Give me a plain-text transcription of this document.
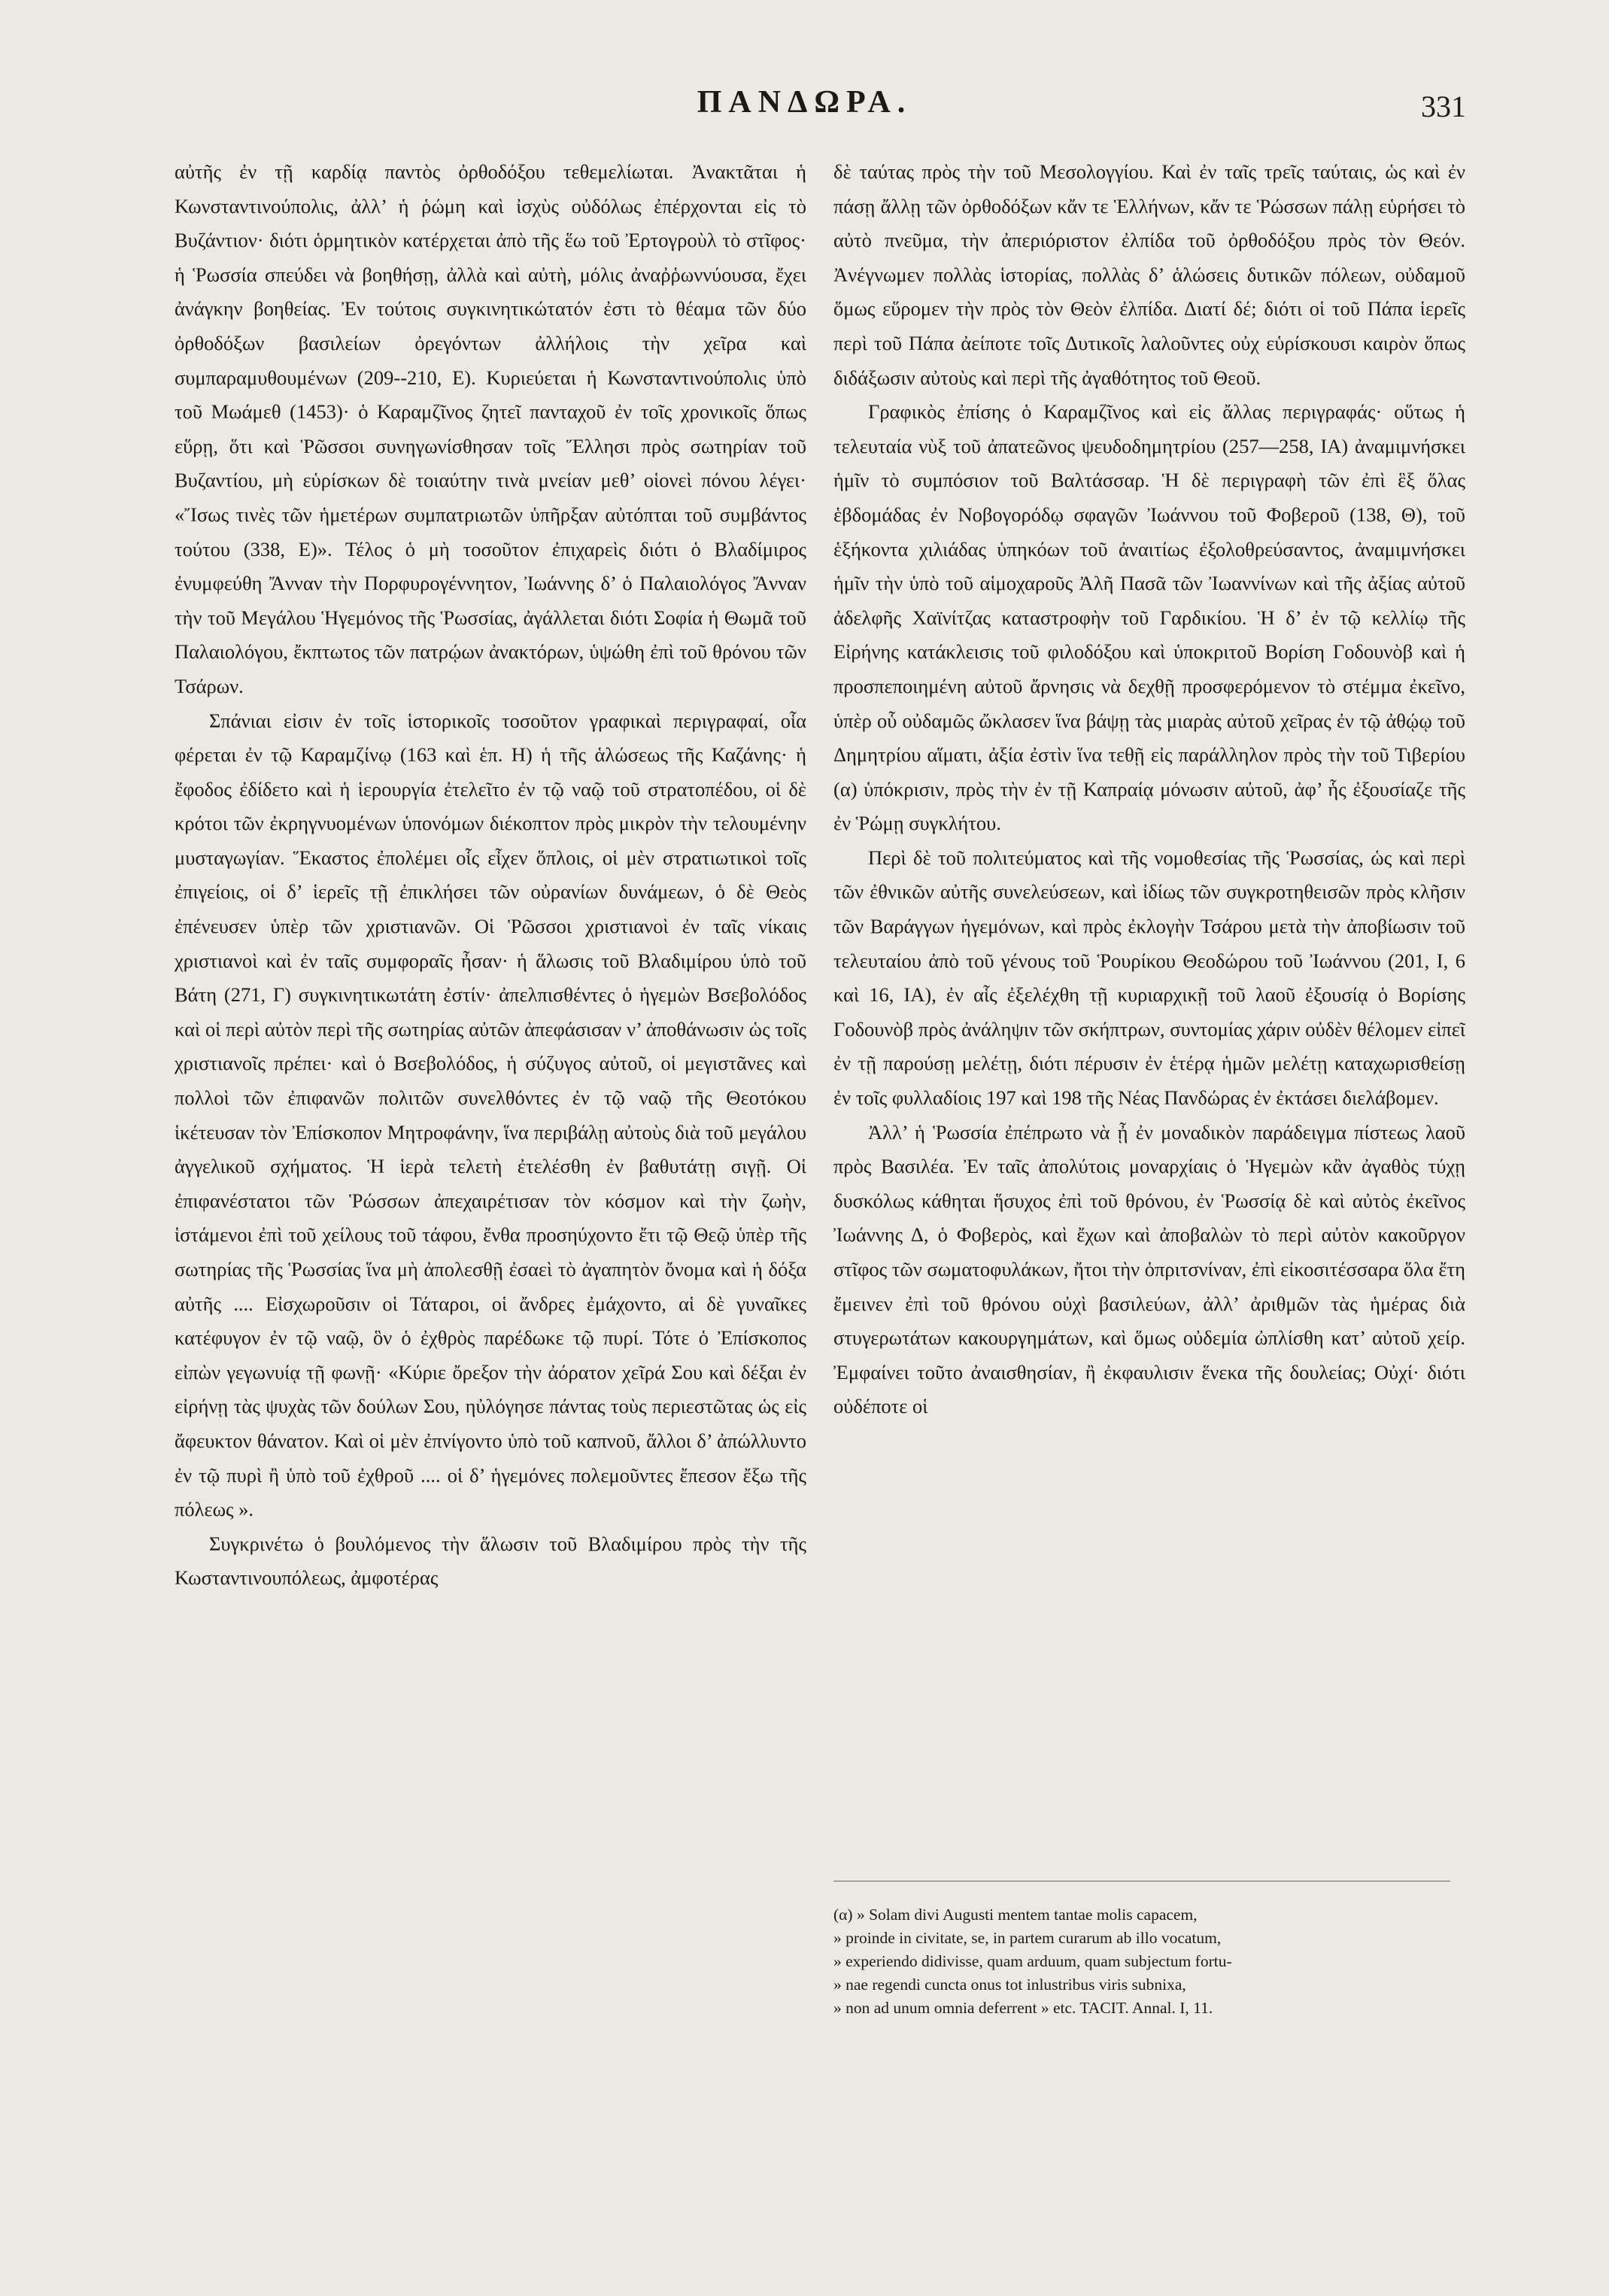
ΠΑΝΔΩΡΑ.	331

αὐτῆς ἐν τῇ καρδίᾳ παντὸς ὀρθοδόξου τεθεμελίωται. Ἀνακτᾶται ἡ Κωνσταντινούπολις, ἀλλ’ ἡ ῥώμη καὶ ἰσχὺς οὐδόλως ἐπέρχονται εἰς τὸ Βυζάντιον· διότι ὁρμητικὸν κατέρχεται ἀπὸ τῆς ἕω τοῦ Ἐρτογροὺλ τὸ στῖφος· ἡ Ῥωσσία σπεύδει νὰ βοηθήσῃ, ἀλλὰ καὶ αὐτὴ, μόλις ἀναῤῥωννύουσα, ἔχει ἀνάγκην βοηθείας. Ἐν τούτοις συγκινητικώτατόν ἐστι τὸ θέαμα τῶν δύο ὀρθοδόξων βασιλείων ὀρεγόντων ἀλλήλοις τὴν χεῖρα καὶ συμπαραμυθουμένων (209--210, Ε). Κυριεύεται ἡ Κωνσταντινούπολις ὑπὸ τοῦ Μωάμεθ (1453)· ὁ Καραμζῖνος ζητεῖ πανταχοῦ ἐν τοῖς χρονικοῖς ὅπως εὕρῃ, ὅτι καὶ Ῥῶσσοι συνηγωνίσθησαν τοῖς Ἕλλησι πρὸς σωτηρίαν τοῦ Βυζαντίου, μὴ εὑρίσκων δὲ τοιαύτην τινὰ μνείαν μεθ’ οἱονεὶ πόνου λέγει· «Ἴσως τινὲς τῶν ἡμετέρων συμπατριωτῶν ὑπῆρξαν αὐτόπται τοῦ συμβάντος τούτου (338, Ε)». Τέλος ὁ μὴ τοσοῦτον ἐπιχαρεὶς διότι ὁ Βλαδίμιρος ἐνυμφεύθη Ἄνναν τὴν Πορφυρογέννητον, Ἰωάννης δ’ ὁ Παλαιολόγος Ἄνναν τὴν τοῦ Μεγάλου Ἡγεμόνος τῆς Ῥωσσίας, ἀγάλλεται διότι Σοφία ἡ Θωμᾶ τοῦ Παλαιολόγου, ἔκπτωτος τῶν πατρῴων ἀνακτόρων, ὑψώθη ἐπὶ τοῦ θρόνου τῶν Τσάρων.

Σπάνιαι εἰσιν ἐν τοῖς ἱστορικοῖς τοσοῦτον γραφικαὶ περιγραφαί, οἷα φέρεται ἐν τῷ Καραμζίνῳ (163 καὶ ἑπ. Η) ἡ τῆς ἁλώσεως τῆς Καζάνης· ἡ ἔφοδος ἐδίδετο καὶ ἡ ἱερουργία ἐτελεῖτο ἐν τῷ ναῷ τοῦ στρατοπέδου, οἱ δὲ κρότοι τῶν ἐκρηγνυομένων ὑπονόμων διέκοπτον πρὸς μικρὸν τὴν τελουμένην μυσταγωγίαν. Ἕκαστος ἐπολέμει οἷς εἶχεν ὅπλοις, οἱ μὲν στρατιωτικοὶ τοῖς ἐπιγείοις, οἱ δ’ ἱερεῖς τῇ ἐπικλήσει τῶν οὐρανίων δυνάμεων, ὁ δὲ Θεὸς ἐπένευσεν ὑπὲρ τῶν χριστιανῶν. Οἱ Ῥῶσσοι χριστιανοὶ ἐν ταῖς νίκαις χριστιανοὶ καὶ ἐν ταῖς συμφοραῖς ἦσαν· ἡ ἅλωσις τοῦ Βλαδιμίρου ὑπὸ τοῦ Βάτη (271, Γ) συγκινητικωτάτη ἐστίν· ἀπελπισθέντες ὁ ἡγεμὼν Βσεβολόδος καὶ οἱ περὶ αὐτὸν περὶ τῆς σωτηρίας αὐτῶν ἀπεφάσισαν ν’ ἀποθάνωσιν ὡς τοῖς χριστιανοῖς πρέπει· καὶ ὁ Βσεβολόδος, ἡ σύζυγος αὐτοῦ, οἱ μεγιστᾶνες καὶ πολλοὶ τῶν ἐπιφανῶν πολιτῶν συνελθόντες ἐν τῷ ναῷ τῆς Θεοτόκου ἱκέτευσαν τὸν Ἐπίσκοπον Μητροφάνην, ἵνα περιβάλῃ αὐτοὺς διὰ τοῦ μεγάλου ἀγγελικοῦ σχήματος. Ἡ ἱερὰ τελετὴ ἐτελέσθη ἐν βαθυτάτῃ σιγῇ. Οἱ ἐπιφανέστατοι τῶν Ῥώσσων ἀπεχαιρέτισαν τὸν κόσμον καὶ τὴν ζωὴν, ἱστάμενοι ἐπὶ τοῦ χείλους τοῦ τάφου, ἔνθα προσηύχοντο ἔτι τῷ Θεῷ ὑπὲρ τῆς σωτηρίας τῆς Ῥωσσίας ἵνα μὴ ἀπολεσθῇ ἐσαεὶ τὸ ἀγαπητὸν ὄνομα καὶ ἡ δόξα αὐτῆς .... Εἰσχωροῦσιν οἱ Τάταροι, οἱ ἄνδρες ἐμάχοντο, αἱ δὲ γυναῖκες κατέφυγον ἐν τῷ ναῷ, ὃν ὁ ἐχθρὸς παρέδωκε τῷ πυρί. Τότε ὁ Ἐπίσκοπος εἰπὼν γεγωνυίᾳ τῇ φωνῇ· «Κύριε ὄρεξον τὴν ἀόρατον χεῖρά Σου καὶ δέξαι ἐν εἰρήνῃ τὰς ψυχὰς τῶν δούλων Σου, ηὐλόγησε πάντας τοὺς περιεστῶτας ὡς εἰς ἄφευκτον θάνατον. Καὶ οἱ μὲν ἐπνίγοντο ὑπὸ τοῦ καπνοῦ, ἄλλοι δ’ ἀπώλλυντο ἐν τῷ πυρὶ ἢ ὑπὸ τοῦ ἐχθροῦ .... οἱ δ’ ἡγεμόνες πολεμοῦντες ἔπεσον ἔξω τῆς πόλεως ».

Συγκρινέτω ὁ βουλόμενος τὴν ἅλωσιν τοῦ Βλαδιμίρου πρὸς τὴν τῆς Κωσταντινουπόλεως, ἀμφοτέρας

δὲ ταύτας πρὸς τὴν τοῦ Μεσολογγίου. Καὶ ἐν ταῖς τρεῖς ταύταις, ὡς καὶ ἐν πάσῃ ἄλλῃ τῶν ὀρθοδόξων κἄν τε Ἑλλήνων, κἄν τε Ῥώσσων πάλῃ εὑρήσει τὸ αὐτὸ πνεῦμα, τὴν ἀπεριόριστον ἐλπίδα τοῦ ὀρθοδόξου πρὸς τὸν Θεόν. Ἀνέγνωμεν πολλὰς ἱστορίας, πολλὰς δ’ ἁλώσεις δυτικῶν πόλεων, οὐδαμοῦ ὅμως εὕρομεν τὴν πρὸς τὸν Θεὸν ἐλπίδα. Διατί δέ; διότι οἱ τοῦ Πάπα ἱερεῖς περὶ τοῦ Πάπα ἀείποτε τοῖς Δυτικοῖς λαλοῦντες οὐχ εὑρίσκουσι καιρὸν ὅπως διδάξωσιν αὐτοὺς καὶ περὶ τῆς ἀγαθότητος τοῦ Θεοῦ.

Γραφικὸς ἐπίσης ὁ Καραμζῖνος καὶ εἰς ἄλλας περιγραφάς· οὕτως ἡ τελευταία νὺξ τοῦ ἀπατεῶνος ψευδοδημητρίου (257—258, ΙΑ) ἀναμιμνήσκει ἡμῖν τὸ συμπόσιον τοῦ Βαλτάσσαρ. Ἡ δὲ περιγραφὴ τῶν ἐπὶ ἓξ ὅλας ἑβδομάδας ἐν Νοβογορόδῳ σφαγῶν Ἰωάννου τοῦ Φοβεροῦ (138, Θ), τοῦ ἑξήκοντα χιλιάδας ὑπηκόων τοῦ ἀναιτίως ἐξολοθρεύσαντος, ἀναμιμνήσκει ἡμῖν τὴν ὑπὸ τοῦ αἱμοχαροῦς Ἀλῆ Πασᾶ τῶν Ἰωαννίνων καὶ τῆς ἀξίας αὐτοῦ ἀδελφῆς Χαϊνίτζας καταστροφὴν τοῦ Γαρδικίου. Ἡ δ’ ἐν τῷ κελλίῳ τῆς Εἰρήνης κατάκλεισις τοῦ φιλοδόξου καὶ ὑποκριτοῦ Βορίση Γοδουνὸβ καὶ ἡ προσπεποιημένη αὐτοῦ ἄρνησις νὰ δεχθῇ προσφερόμενον τὸ στέμμα ἐκεῖνο, ὑπὲρ οὗ οὐδαμῶς ὤκλασεν ἵνα βάψῃ τὰς μιαρὰς αὐτοῦ χεῖρας ἐν τῷ ἀθῴῳ τοῦ Δημητρίου αἵματι, ἀξία ἐστὶν ἵνα τεθῇ εἰς παράλληλον πρὸς τὴν τοῦ Τιβερίου (α) ὑπόκρισιν, πρὸς τὴν ἐν τῇ Καπραίᾳ μόνωσιν αὐτοῦ, ἀφ’ ἧς ἐξουσίαζε τῆς ἐν Ῥώμῃ συγκλήτου.

Περὶ δὲ τοῦ πολιτεύματος καὶ τῆς νομοθεσίας τῆς Ῥωσσίας, ὡς καὶ περὶ τῶν ἐθνικῶν αὐτῆς συνελεύσεων, καὶ ἰδίως τῶν συγκροτηθεισῶν πρὸς κλῆσιν τῶν Βαράγγων ἡγεμόνων, καὶ πρὸς ἐκλογὴν Τσάρου μετὰ τὴν ἀποβίωσιν τοῦ τελευταίου ἀπὸ τοῦ γένους τοῦ Ῥουρίκου Θεοδώρου τοῦ Ἰωάννου (201, Ι, 6 καὶ 16, ΙΑ), ἐν αἷς ἐξελέχθη τῇ κυριαρχικῇ τοῦ λαοῦ ἐξουσίᾳ ὁ Βορίσης Γοδουνὸβ πρὸς ἀνάληψιν τῶν σκήπτρων, συντομίας χάριν οὐδὲν θέλομεν εἰπεῖ ἐν τῇ παρούσῃ μελέτῃ, διότι πέρυσιν ἐν ἑτέρᾳ ἡμῶν μελέτῃ καταχωρισθείσῃ ἐν τοῖς φυλλαδίοις 197 καὶ 198 τῆς Νέας Πανδώρας ἐν ἐκτάσει διελάβομεν.

Ἀλλ’ ἡ Ῥωσσία ἐπέπρωτο νὰ ᾖ ἐν μοναδικὸν παράδειγμα πίστεως λαοῦ πρὸς Βασιλέα. Ἐν ταῖς ἀπολύτοις μοναρχίαις ὁ Ἡγεμὼν κἂν ἀγαθὸς τύχῃ δυσκόλως κάθηται ἥσυχος ἐπὶ τοῦ θρόνου, ἐν Ῥωσσίᾳ δὲ καὶ αὐτὸς ἐκεῖνος Ἰωάννης Δ, ὁ Φοβερὸς, καὶ ἔχων καὶ ἀποβαλὼν τὸ περὶ αὐτὸν κακοῦργον στῖφος τῶν σωματοφυλάκων, ἤτοι τὴν ὀπριτσνίναν, ἐπὶ εἰκοσιτέσσαρα ὅλα ἔτη ἔμεινεν ἐπὶ τοῦ θρόνου οὐχὶ βασιλεύων, ἀλλ’ ἀριθμῶν τὰς ἡμέρας διὰ στυγερωτάτων κακουργημάτων, καὶ ὅμως οὐδεμία ὠπλίσθη κατ’ αὐτοῦ χείρ. Ἐμφαίνει τοῦτο ἀναισθησίαν, ἢ ἐκφαυλισιν ἕνεκα τῆς δουλείας; Οὐχί· διότι οὐδέποτε οἱ

(α) » Solam divi Augusti mentem tantae molis capacem,

» proinde in civitate, se, in partem curarum ab illo vocatum,

» experiendo didivisse, quam arduum, quam subjectum fortu-

» nae regendi cuncta onus tot inlustribus viris subnixa,

» non ad unum omnia deferrent » etc. TACIT. Annal. I, 11.
